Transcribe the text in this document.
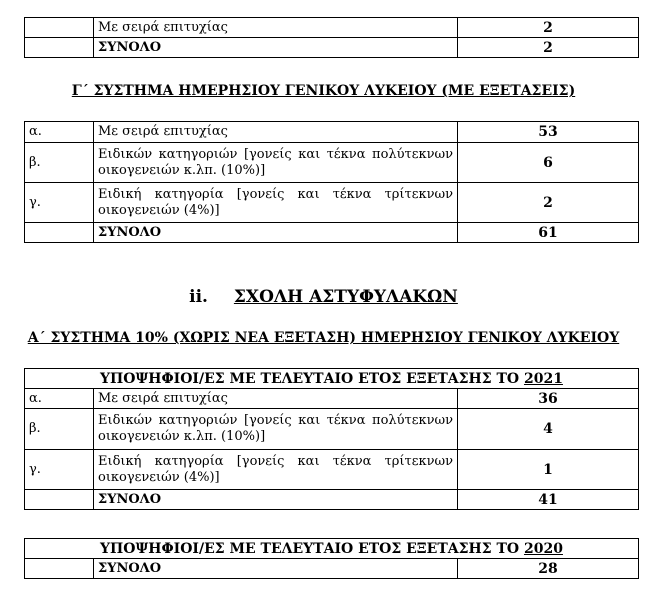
	Με σειρά επιτυχίας	2
	ΣΥΝΟΛΟ	2
Γ΄ ΣΥΣΤΗΜΑ ΗΜΕΡΗΣΙΟΥ ΓΕΝΙΚΟΥ ΛΥΚΕΙΟΥ (ΜΕ ΕΞΕΤΑΣΕΙΣ)
α.	Με σειρά επιτυχίας	53
β.	Ειδικών κατηγοριών [γονείς και τέκνα πολύτεκνων οικογενειών κ.λπ. (10%)]	6
γ.	Ειδική κατηγορία [γονείς και τέκνα τρίτεκνων οικογενειών (4%)]	2
	ΣΥΝΟΛΟ	61
ii. ΣΧΟΛΗ ΑΣΤΥΦΥΛΑΚΩΝ
Α΄ ΣΥΣΤΗΜΑ 10% (ΧΩΡΙΣ ΝΕΑ ΕΞΕΤΑΣΗ) ΗΜΕΡΗΣΙΟΥ ΓΕΝΙΚΟΥ ΛΥΚΕΙΟΥ
ΥΠΟΨΗΦΙΟΙ/ΕΣ ΜΕ ΤΕΛΕΥΤΑΙΟ ΕΤΟΣ ΕΞΕΤΑΣΗΣ ΤΟ 2021		
α.	Με σειρά επιτυχίας	36
β.	Ειδικών κατηγοριών [γονείς και τέκνα πολύτεκνων οικογενειών κ.λπ. (10%)]	4
γ.	Ειδική κατηγορία [γονείς και τέκνα τρίτεκνων οικογενειών (4%)]	1
	ΣΥΝΟΛΟ	41
ΥΠΟΨΗΦΙΟΙ/ΕΣ ΜΕ ΤΕΛΕΥΤΑΙΟ ΕΤΟΣ ΕΞΕΤΑΣΗΣ ΤΟ 2020
	ΣΥΝΟΛΟ	28
